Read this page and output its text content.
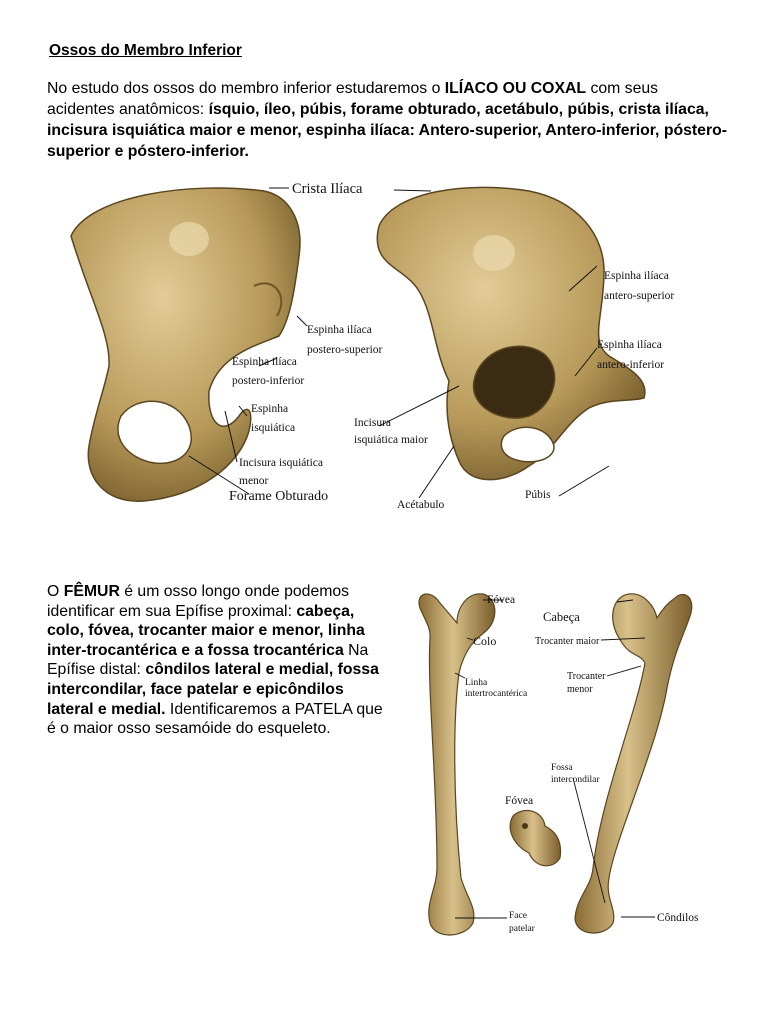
Ossos do Membro Inferior
No estudo dos ossos do membro inferior estudaremos o ILÍACO OU COXAL com seus acidentes anatômicos: ísquio, íleo, púbis, forame obturado, acetábulo, púbis, crista ilíaca, incisura isquiática maior e menor, espinha ilíaca: Antero-superior, Antero-inferior, póstero-superior e póstero-inferior.
Crista Ilíaca
Espinha ilíaca
antero-superior
Espinha ilíaca
antero-inferior
Espinha ilíaca
postero-superior
Espinha ilíaca
postero-inferior
Espinha
isquiática	Incisura
isquiática maior
Incisura isquiática
menor
Forame Obturado
Acétabulo
Púbis
O FÊMUR é um osso longo onde podemos identificar em sua Epífise proximal: cabeça, colo, fóvea, trocanter maior e menor, linha inter-trocantérica e a fossa trocantérica Na Epífise distal: côndilos lateral e medial, fossa intercondilar, face patelar e epicôndilos lateral e medial. Identificaremos a PATELA que é o maior osso sesamóide do esqueleto.
Fóvea
Cabeça
Colo	Trocanter maior
Trocanter
menor
Linha
intertrocantérica
Fossa
intercondilar
Fóvea
Face
patelar
Côndilos
